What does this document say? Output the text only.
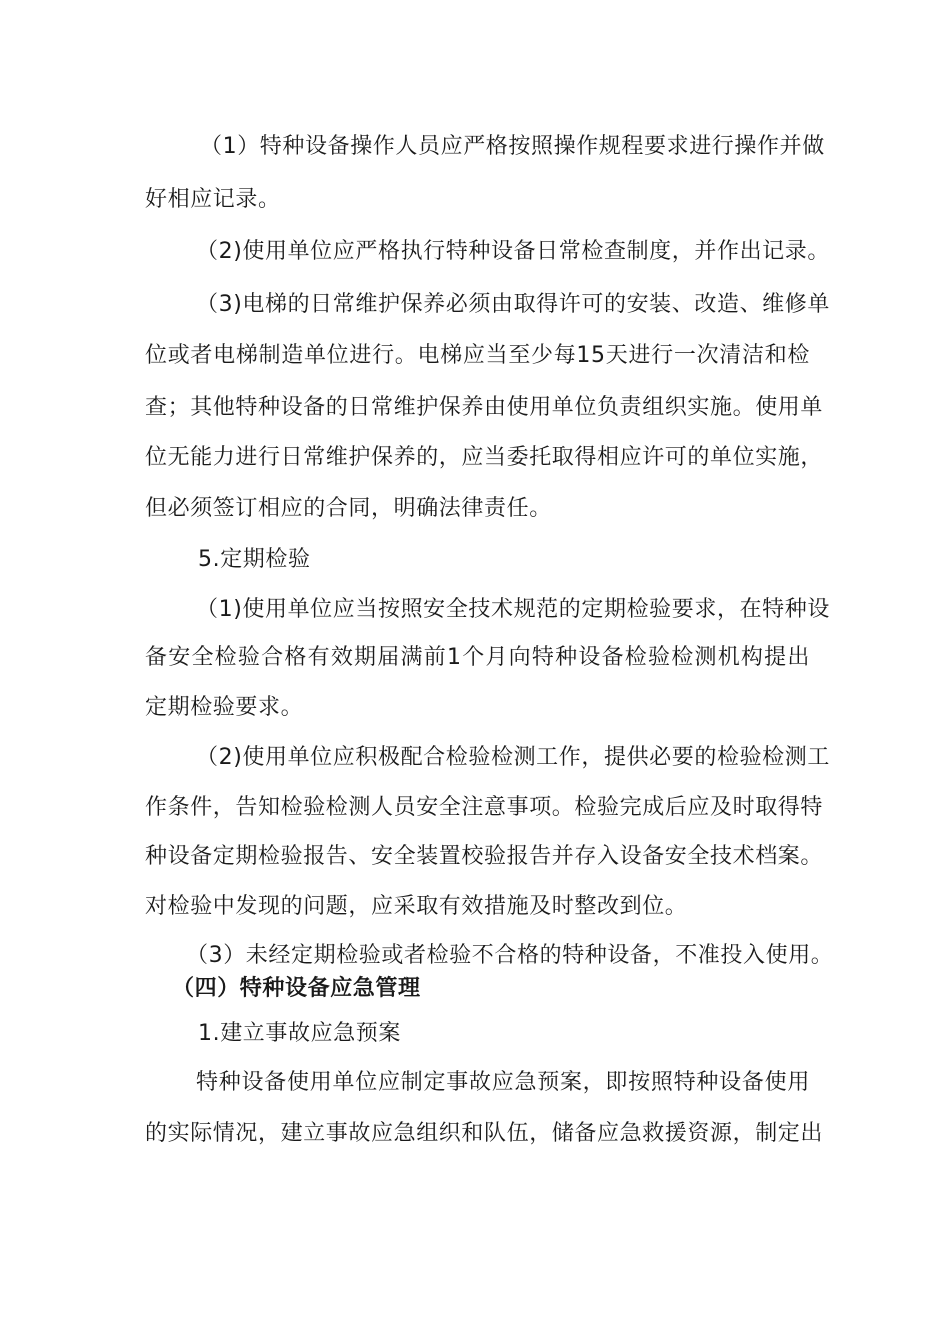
（1）特种设备操作人员应严格按照操作规程要求进行操作并做
好相应记录。
（2)使用单位应严格执行特种设备日常检查制度，并作出记录。
（3)电梯的日常维护保养必须由取得许可的安装、改造、维修单
位或者电梯制造单位进行。电梯应当至少每15天进行一次清洁和检
查；其他特种设备的日常维护保养由使用单位负责组织实施。使用单
位无能力进行日常维护保养的，应当委托取得相应许可的单位实施，
但必须签订相应的合同，明确法律责任。
5.定期检验
（1)使用单位应当按照安全技术规范的定期检验要求，在特种设
备安全检验合格有效期届满前1个月向特种设备检验检测机构提出
定期检验要求。
（2)使用单位应积极配合检验检测工作，提供必要的检验检测工
作条件，告知检验检测人员安全注意事项。检验完成后应及时取得特
种设备定期检验报告、安全装置校验报告并存入设备安全技术档案。
对检验中发现的问题，应采取有效措施及时整改到位。
（3）未经定期检验或者检验不合格的特种设备，不准投入使用。
（四）特种设备应急管理
1.建立事故应急预案
特种设备使用单位应制定事故应急预案，即按照特种设备使用
的实际情况，建立事故应急组织和队伍，储备应急救援资源，制定出
